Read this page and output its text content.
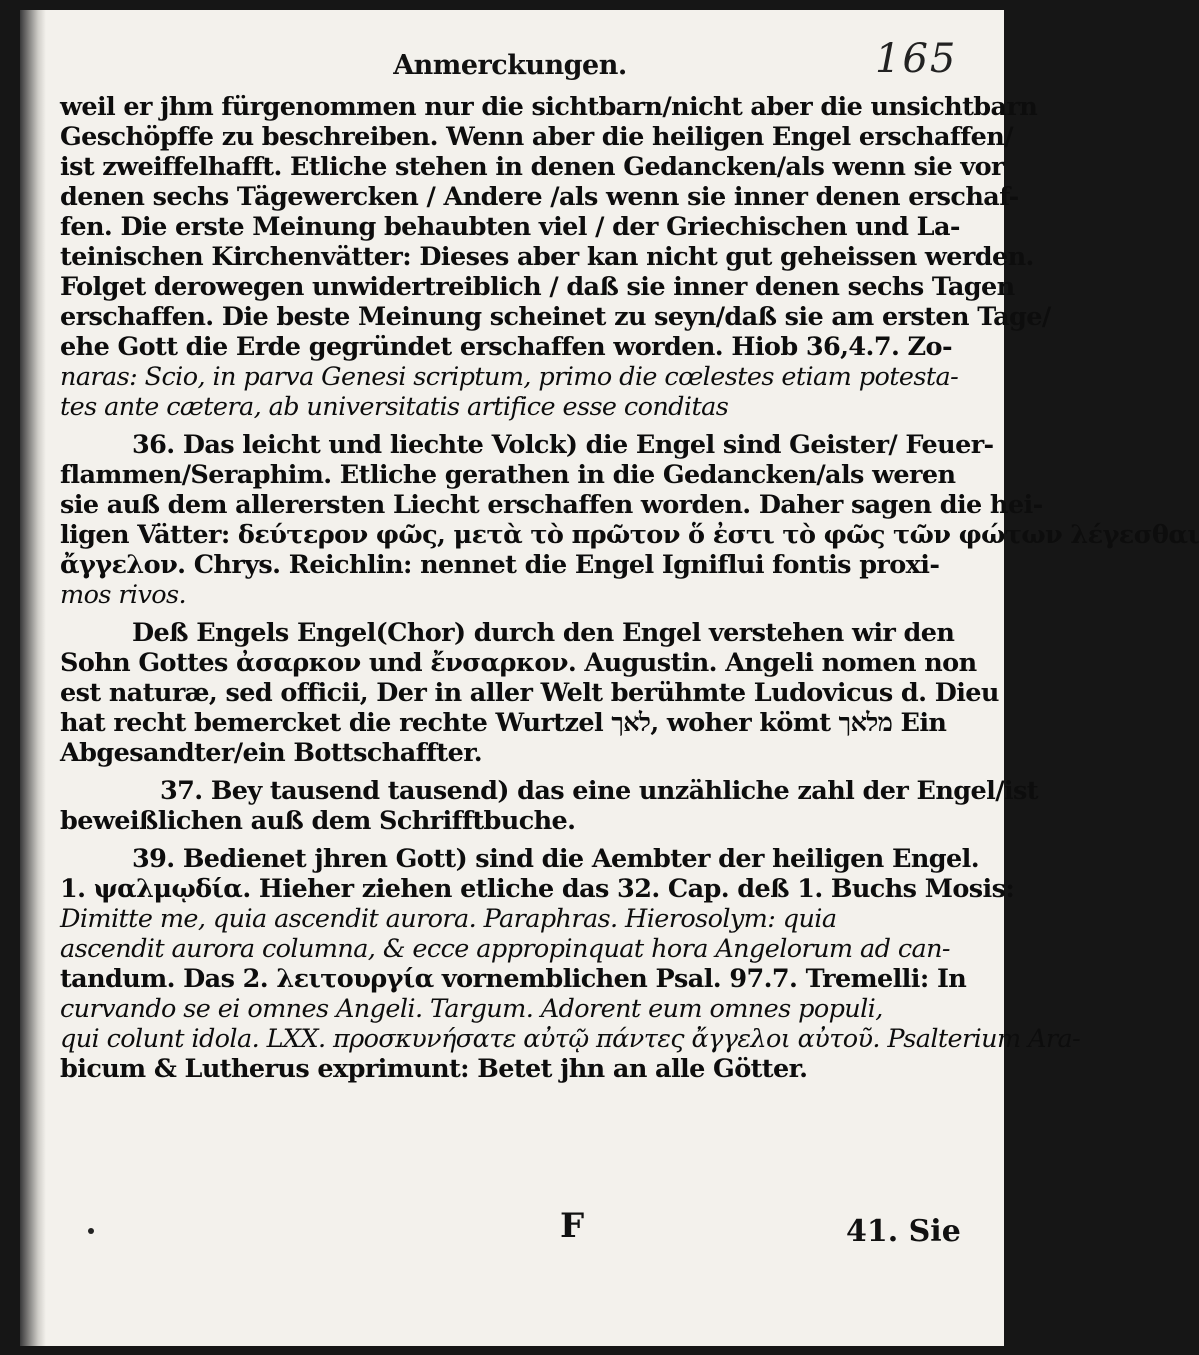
Anmerckungen.	165
weil er jhm fürgenommen nur die sichtbarn/nicht aber die unsichtbarn
Geschöpffe zu beschreiben. Wenn aber die heiligen Engel erschaffen/
ist zweiffelhafft. Etliche stehen in denen Gedancken/als wenn sie vor
denen sechs Tägewercken / Andere /als wenn sie inner denen erschaf-
fen. Die erste Meinung behaubten viel / der Griechischen und La-
teinischen Kirchenvätter: Dieses aber kan nicht gut geheissen werden.
Folget derowegen unwidertreiblich / daß sie inner denen sechs Tagen
erschaffen. Die beste Meinung scheinet zu seyn/daß sie am ersten Tage/
ehe Gott die Erde gegründet erschaffen worden. Hiob 36,4.7. Zo-
naras: Scio, in parva Genesi scriptum, primo die cœlestes etiam potesta-
tes ante cætera, ab universitatis artifice esse conditas
36. Das leicht und liechte Volck) die Engel sind Geister/ Feuer-
flammen/Seraphim. Etliche gerathen in die Gedancken/als weren
sie auß dem allerersten Liecht erschaffen worden. Daher sagen die hei-
ligen Vätter: δεύτερον φῶς, μετὰ τὸ πρῶτον ὅ ἐστι τὸ φῶς τῶν φώτων λέγεσθαι
ἄγγελον. Chrys. Reichlin: nennet die Engel Igniflui fontis proxi-
mos rivos.
Deß Engels Engel(Chor) durch den Engel verstehen wir den
Sohn Gottes ἀσαρκον und ἔνσαρκον. Augustin. Angeli nomen non
est naturæ, sed officii, Der in aller Welt berühmte Ludovicus d. Dieu
hat recht bemercket die rechte Wurtzel לאך, woher kömt מלאך Ein
Abgesandter/ein Bottschaffter.
37. Bey tausend tausend) das eine unzähliche zahl der Engel/ist
beweißlichen auß dem Schrifftbuche.
39. Bedienet jhren Gott) sind die Aembter der heiligen Engel.
1. ψαλμῳδία. Hieher ziehen etliche das 32. Cap. deß 1. Buchs Mosis:
Dimitte me, quia ascendit aurora. Paraphras. Hierosolym: quia
ascendit aurora columna, & ecce appropinquat hora Angelorum ad can-
tandum. Das 2. λειτουργία vornemblichen Psal. 97.7. Tremelli: In
curvando se ei omnes Angeli. Targum. Adorent eum omnes populi,
qui colunt idola. LXX. προσκυνήσατε αὐτῷ πάντες ἄγγελοι αὐτοῦ. Psalterium Ara-
bicum & Lutherus exprimunt: Betet jhn an alle Götter.
F	41. Sie
